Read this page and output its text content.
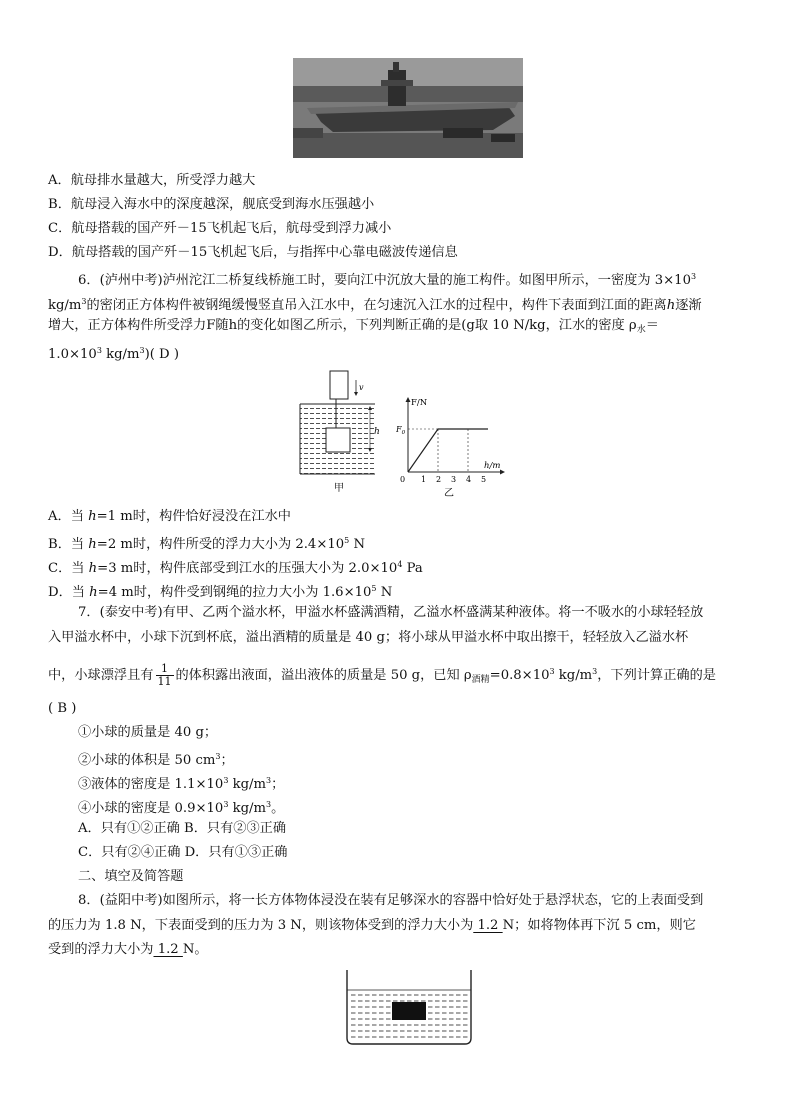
A．航母排水量越大，所受浮力越大
B．航母浸入海水中的深度越深，舰底受到海水压强越小
C．航母搭载的国产歼－15飞机起飞后，航母受到浮力减小
D．航母搭载的国产歼－15飞机起飞后，与指挥中心靠电磁波传递信息
6．(泸州中考)泸州沱江二桥复线桥施工时，要向江中沉放大量的施工构件。如图甲所示，一密度为 $3\times 10^3$
$kg/m^3$的密闭正方体构件被钢绳缓慢竖直吊入江水中，在匀速沉入江水的过程中，构件下表面到江面的距离h逐渐
增大，正方体构件所受浮力F随h的变化如图乙所示，下列判断正确的是(g取 10 N/kg，江水的密度 $\rho_水=$
$1.0\times 10^3$ $kg/m^3$)( D )
v
h
甲
F/N
h/m
$F_0$
0 1 2 3 4 5
乙
A．当 h=1 m时，构件恰好浸没在江水中
B．当 h=2 m时，构件所受的浮力大小为 $2.4\times 10^5$ N
C．当 h=3 m时，构件底部受到江水的压强大小为 $2.0\times 10^4$ Pa
D．当 h=4 m时，构件受到钢绳的拉力大小为 $1.6\times 10^5$ N
7．(泰安中考)有甲、乙两个溢水杯，甲溢水杯盛满酒精，乙溢水杯盛满某种液体。将一不吸水的小球轻轻放
入甲溢水杯中，小球下沉到杯底，溢出酒精的质量是 40 g；将小球从甲溢水杯中取出擦干，轻轻放入乙溢水杯
中，小球漂浮且有 $\frac{1}{11}$ 的体积露出液面，溢出液体的质量是 50 g，已知 $\rho_{酒精}=0.8\times 10^3$ $kg/m^3$，下列计算正确的是
( B )
①小球的质量是 40 g；
②小球的体积是 50 $cm^3$；
③液体的密度是 $1.1\times 10^3$ $kg/m^3$；
④小球的密度是 $0.9\times 10^3$ $kg/m^3$。
A．只有①②正确 B．只有②③正确
C．只有②④正确 D．只有①③正确
二、填空及简答题
8．(益阳中考)如图所示，将一长方体物体浸没在装有足够深水的容器中恰好处于悬浮状态，它的上表面受到
的压力为 1.8 N，下表面受到的压力为 3 N，则该物体受到的浮力大小为 1.2 N；如将物体再下沉 5 cm，则它
受到的浮力大小为 1.2 N。
